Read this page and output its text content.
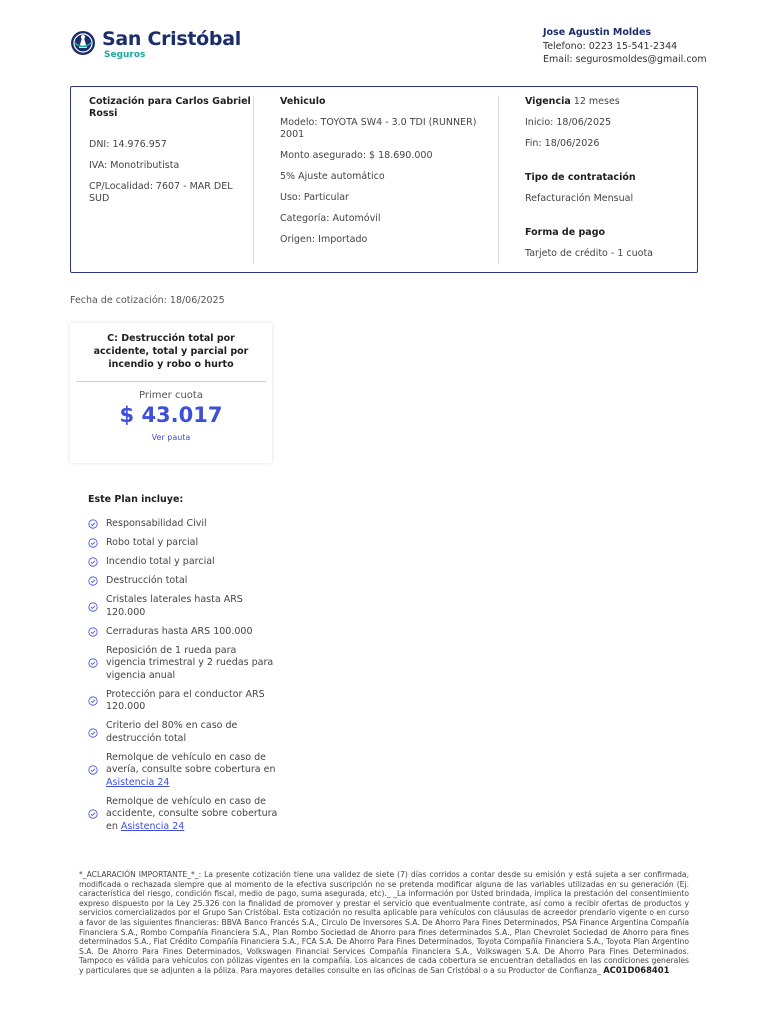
San Cristóbal
Seguros
Jose Agustin Moldes
Telefono: 0223 15-541-2344
Email: segurosmoldes@gmail.com

Cotización para Carlos Gabriel Rossi

DNI: 14.976.957

IVA: Monotributista

CP/Localidad: 7607 - MAR DEL SUD

Vehiculo

Modelo: TOYOTA SW4 - 3.0 TDI (RUNNER) 2001

Monto asegurado: $ 18.690.000

5% Ajuste automático

Uso: Particular

Categoría: Automóvil

Origen: Importado

Vigencia 12 meses

Inicio: 18/06/2025

Fin: 18/06/2026

Tipo de contratación

Refacturación Mensual

Forma de pago

Tarjeto de crédito - 1 cuota

Fecha de cotización: 18/06/2025
C: Destrucción total por accidente, total y parcial por incendio y robo o hurto
Primer cuota
$ 43.017
Ver pauta
Este Plan incluye:
Responsabilidad Civil
Robo total y parcial
Incendio total y parcial
Destrucción total
Cristales laterales hasta ARS 120.000
Cerraduras hasta ARS 100.000
Reposición de 1 rueda para vigencia trimestral y 2 ruedas para vigencia anual
Protección para el conductor ARS 120.000
Criterio del 80% en caso de destrucción total
Remolque de vehículo en caso de avería, consulte sobre cobertura en Asistencia 24
Remolque de vehículo en caso de accidente, consulte sobre cobertura en Asistencia 24
*_ACLARACIÓN IMPORTANTE_*_: La presente cotización tiene una validez de siete (7) días corridos a contar desde su emisión y está sujeta a ser confirmada, modificada o rechazada siempre que al momento de la efectiva suscripción no se pretenda modificar alguna de las variables utilizadas en su generación (Ej. característica del riesgo, condición fiscal, medio de pago, suma asegurada, etc)._ _La información por Usted brindada, implica la prestación del consentimiento expreso dispuesto por la Ley 25.326 con la finalidad de promover y prestar el servicio que eventualmente contrate, así como a recibir ofertas de productos y servicios comercializados por el Grupo San Cristóbal. Esta cotización no resulta aplicable para vehículos con cláusulas de acreedor prendario vigente o en curso a favor de las siguientes financieras: BBVA Banco Francés S.A., Circulo De Inversores S.A. De Ahorro Para Fines Determinados, PSA Finance Argentina Compañía Financiera S.A., Rombo Compañía Financiera S.A., Plan Rombo Sociedad de Ahorro para fines determinados S.A., Plan Chevrolet Sociedad de Ahorro para fines determinados S.A., Fiat Crédito Compañía Financiera S.A., FCA S.A. De Ahorro Para Fines Determinados, Toyota Compañía Financiera S.A., Toyota Plan Argentino S.A. De Ahorro Para Fines Determinados, Volkswagen Financial Services Compañía Financiera S.A., Volkswagen S.A. De Ahorro Para Fines Determinados. Tampoco es válida para vehículos con pólizas vigentes en la compañía. Los alcances de cada cobertura se encuentran detallados en las condiciones generales y particulares que se adjunten a la póliza. Para mayores detalles consulte en las oficinas de San Cristóbal o a su Productor de Confianza_ AC01D068401
